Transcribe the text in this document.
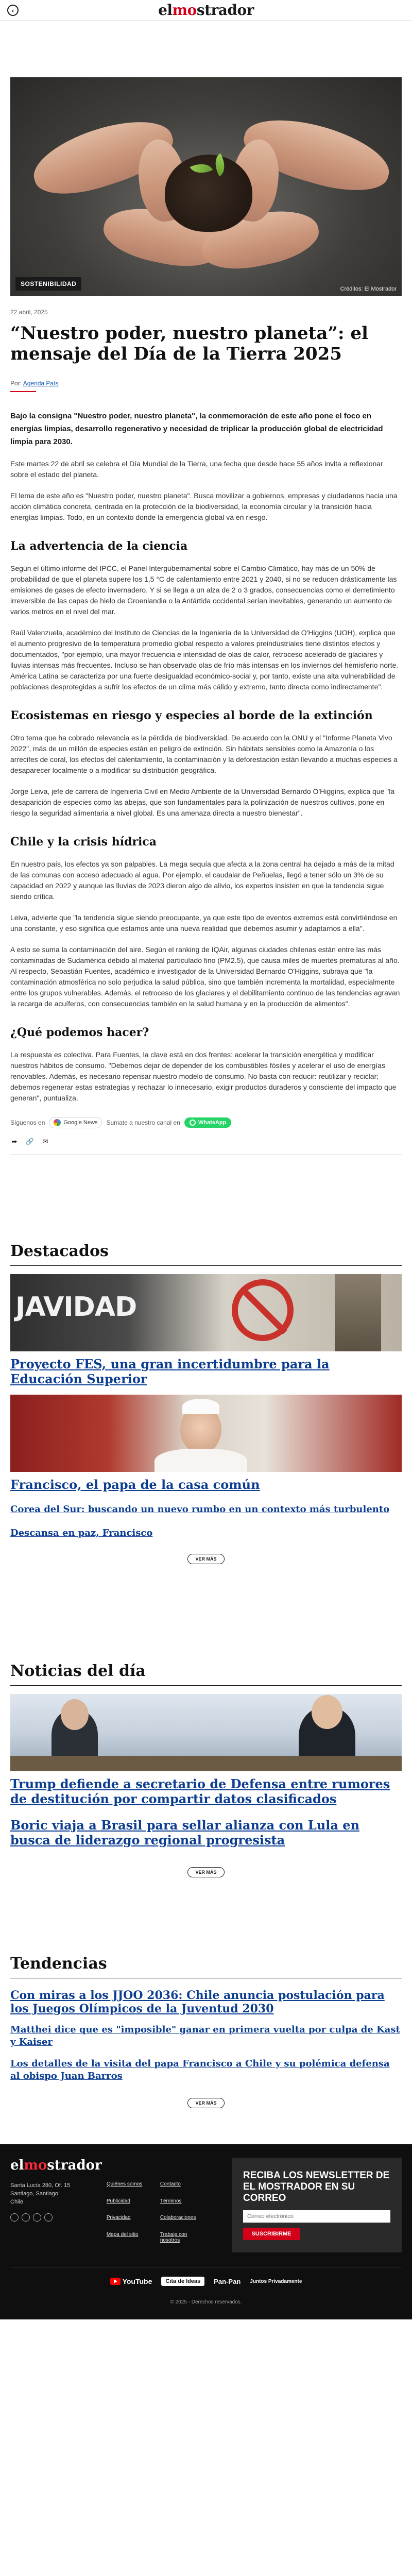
‹	elmostrador
SOSTENIBILIDAD
Créditos: El Mostrador
22 abril, 2025
“Nuestro poder, nuestro planeta”: el mensaje del Día de la Tierra 2025
Por: Agenda País

Bajo la consigna "Nuestro poder, nuestro planeta", la conmemoración de este año pone el foco en energías limpias, desarrollo regenerativo y necesidad de triplicar la producción global de electricidad limpia para 2030.

Este martes 22 de abril se celebra el Día Mundial de la Tierra, una fecha que desde hace 55 años invita a reflexionar sobre el estado del planeta.

El lema de este año es "Nuestro poder, nuestro planeta". Busca movilizar a gobiernos, empresas y ciudadanos hacia una acción climática concreta, centrada en la protección de la biodiversidad, la economía circular y la transición hacia energías limpias. Todo, en un contexto donde la emergencia global va en riesgo.

La advertencia de la ciencia

Según el último informe del IPCC, el Panel Intergubernamental sobre el Cambio Climático, hay más de un 50% de probabilidad de que el planeta supere los 1,5 °C de calentamiento entre 2021 y 2040, si no se reducen drásticamente las emisiones de gases de efecto invernadero. Y si se llega a un alza de 2 o 3 grados, consecuencias como el derretimiento irreversible de las capas de hielo de Groenlandia o la Antártida occidental serían inevitables, generando un aumento de varios metros en el nivel del mar.

Raúl Valenzuela, académico del Instituto de Ciencias de la Ingeniería de la Universidad de O'Higgins (UOH), explica que el aumento progresivo de la temperatura promedio global respecto a valores preindustriales tiene distintos efectos y documentados, "por ejemplo, una mayor frecuencia e intensidad de olas de calor, retroceso acelerado de glaciares y lluvias intensas más frecuentes. Incluso se han observado olas de frío más intensas en los inviernos del hemisferio norte. América Latina se caracteriza por una fuerte desigualdad económico-social y, por tanto, existe una alta vulnerabilidad de poblaciones desprotegidas a sufrir los efectos de un clima más cálido y extremo, tanto directa como indirectamente".

Ecosistemas en riesgo y especies al borde de la extinción

Otro tema que ha cobrado relevancia es la pérdida de biodiversidad. De acuerdo con la ONU y el "Informe Planeta Vivo 2022", más de un millón de especies están en peligro de extinción. Sin hábitats sensibles como la Amazonía o los arrecifes de coral, los efectos del calentamiento, la contaminación y la deforestación están llevando a muchas especies a desaparecer localmente o a modificar su distribución geográfica.

Jorge Leiva, jefe de carrera de Ingeniería Civil en Medio Ambiente de la Universidad Bernardo O'Higgins, explica que "la desaparición de especies como las abejas, que son fundamentales para la polinización de nuestros cultivos, pone en riesgo la seguridad alimentaria a nivel global. Es una amenaza directa a nuestro bienestar".

Chile y la crisis hídrica

En nuestro país, los efectos ya son palpables. La mega sequía que afecta a la zona central ha dejado a más de la mitad de las comunas con acceso adecuado al agua. Por ejemplo, el caudalar de Peñuelas, llegó a tener sólo un 3% de su capacidad en 2022 y aunque las lluvias de 2023 dieron algo de alivio, los expertos insisten en que la tendencia sigue siendo crítica.

Leiva, advierte que "la tendencia sigue siendo preocupante, ya que este tipo de eventos extremos está convirtiéndose en una constante, y eso significa que estamos ante una nueva realidad que debemos asumir y adaptarnos a ella".

A esto se suma la contaminación del aire. Según el ranking de IQAir, algunas ciudades chilenas están entre las más contaminadas de Sudamérica debido al material particulado fino (PM2.5), que causa miles de muertes prematuras al año. Al respecto, Sebastián Fuentes, académico e investigador de la Universidad Bernardo O'Higgins, subraya que "la contaminación atmosférica no solo perjudica la salud pública, sino que también incrementa la mortalidad, especialmente entre los grupos vulnerables. Además, el retroceso de los glaciares y el debilitamiento continuo de las tendencias agravan la recarga de acuíferos, con consecuencias también en la salud humana y en la producción de alimentos".

¿Qué podemos hacer?

La respuesta es colectiva. Para Fuentes, la clave está en dos frentes: acelerar la transición energética y modificar nuestros hábitos de consumo. "Debemos dejar de depender de los combustibles fósiles y acelerar el uso de energías renovables. Además, es necesario repensar nuestro modelo de consumo. No basta con reducir: reutilizar y reciclar; debemos regenerar estas estrategias y rechazar lo innecesario, exigir productos duraderos y consciente del impacto que generan", puntualiza.

Síguenos en	Google News Sumate a nuestro canal en	WhatsApp
➦ 🔗 ✉
Destacados
JAVIDAD
Proyecto FES, una gran incertidumbre para la Educación Superior
Francisco, el papa de la casa común
Corea del Sur: buscando un nuevo rumbo en un contexto más turbulento
Descansa en paz, Francisco
VER MÁS
Noticias del día
Trump defiende a secretario de Defensa entre rumores de destitución por compartir datos clasificados
Boric viaja a Brasil para sellar alianza con Lula en busca de liderazgo regional progresista
VER MÁS
Tendencias
Con miras a los JJOO 2036: Chile anuncia postulación para los Juegos Olímpicos de la Juventud 2030
Matthei dice que es "imposible" ganar en primera vuelta por culpa de Kast y Kaiser
Los detalles de la visita del papa Francisco a Chile y su polémica defensa al obispo Juan Barros
VER MÁS
elmostrador
Santa Lucía 280, Of. 15
Santiago, Santiago
Chile
Quiénes somos	Contacto
Publicidad	Términos
Privacidad	Colaboraciones
Mapa del sitio	Trabaja con nosotros
RECIBA LOS NEWSLETTER DE EL MOSTRADOR EN SU CORREO
Correo electrónico
SUSCRIBIRME
YouTube	Cita de Ideas	Pan-Pan Juntos Privadamente
© 2025 - Derechos reservados.
